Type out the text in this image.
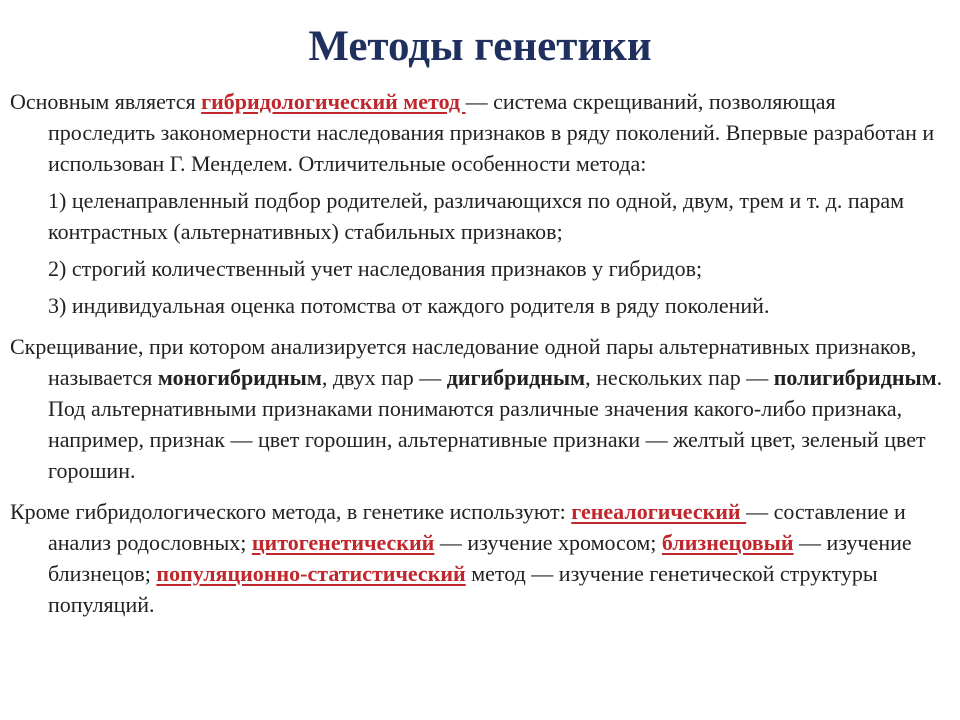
Методы генетики

Основным является гибридологический метод — система скрещиваний, позволяющая проследить закономерности наследования признаков в ряду поколений. Впервые разработан и использован Г. Менделем. Отличительные особенности метода:

1) целенаправленный подбор родителей, различающихся по одной, двум, трем и т. д. парам контрастных (альтернативных) стабильных признаков;

2) строгий количественный учет наследования признаков у гибридов;

3) индивидуальная оценка потомства от каждого родителя в ряду поколений.

Скрещивание, при котором анализируется наследование одной пары альтернативных признаков, называется моногибридным, двух пар — дигибридным, нескольких пар — полигибридным. Под альтернативными признаками понимаются различные значения какого-либо признака, например, признак — цвет горошин, альтернативные признаки — желтый цвет, зеленый цвет горошин.

Кроме гибридологического метода, в генетике используют: генеалогический — составление и анализ родословных; цитогенетический — изучение хромосом; близнецовый — изучение близнецов; популяционно-статистический метод — изучение генетической структуры популяций.
